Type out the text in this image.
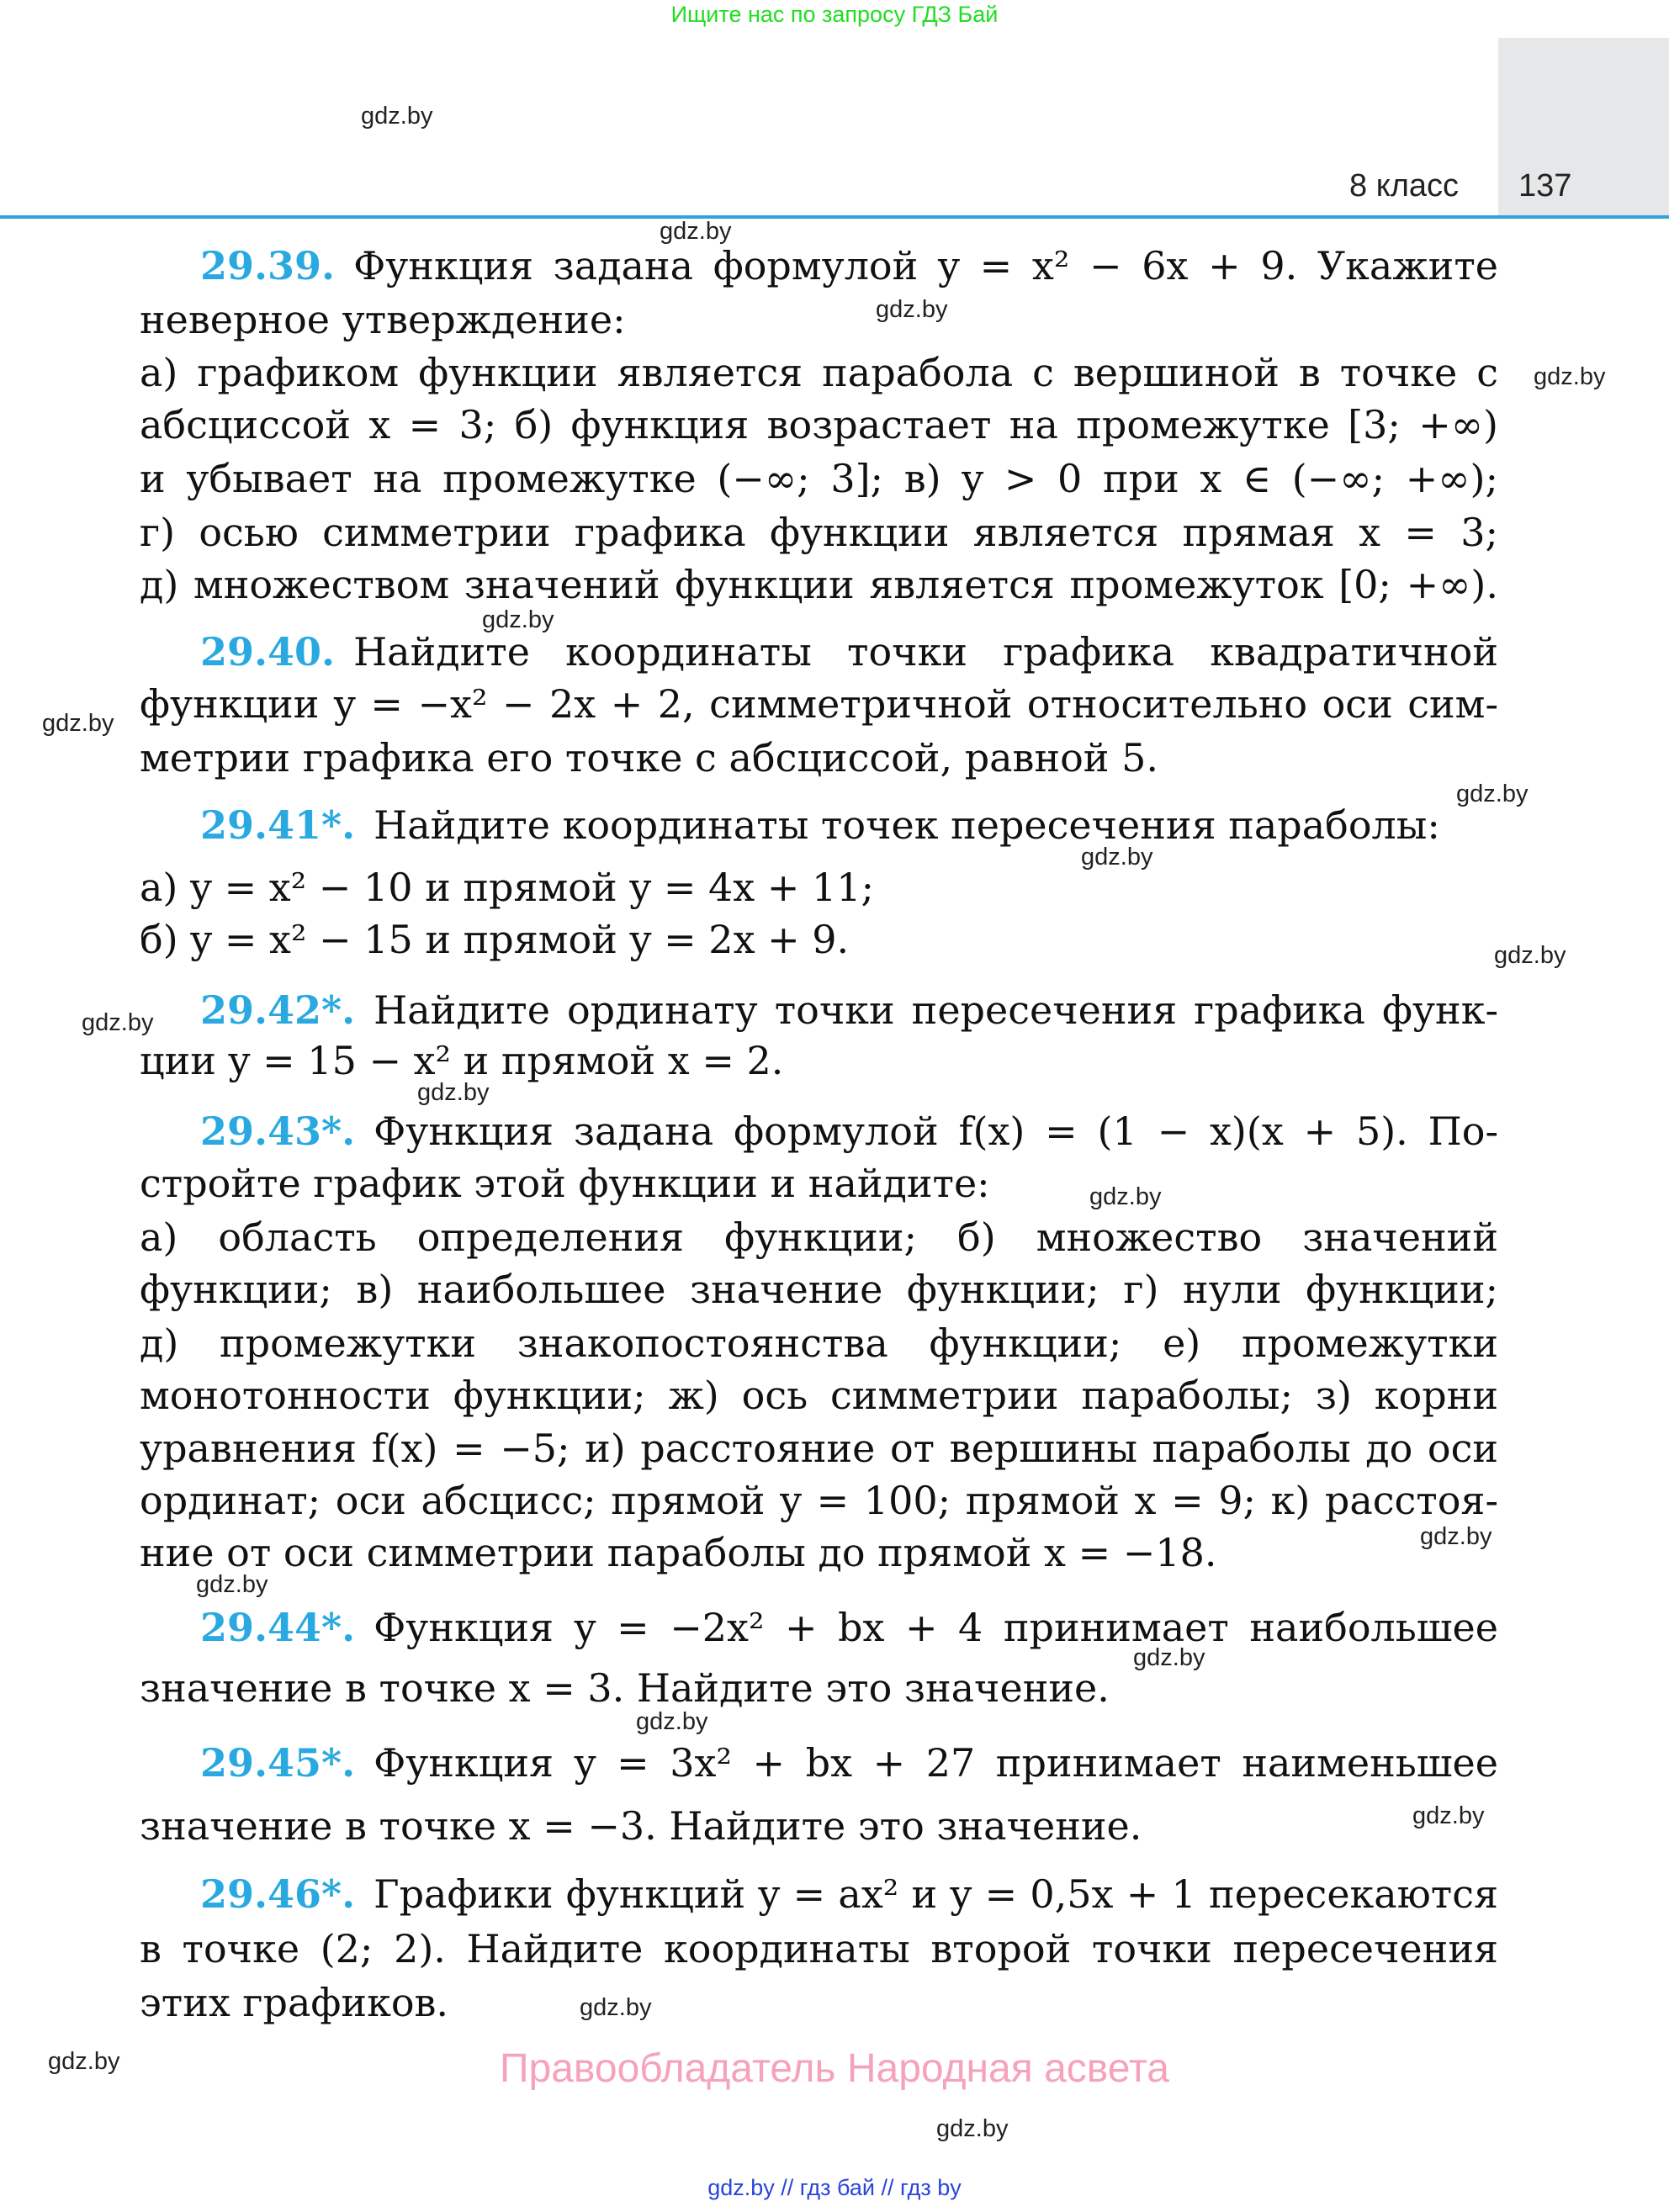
Ищите нас по запросу ГДЗ Бай
8 класс 137
29.39. Функция задана формулой y = x² − 6x + 9. Укажите
неверное утверждение:
а) графиком функции является парабола с вершиной в точке с
абсциссой x = 3; б) функция возрастает на промежутке [3; +∞)
и убывает на промежутке (−∞; 3]; в) y > 0 при x ∈ (−∞; +∞);
г) осью симметрии графика функции является прямая x = 3;
д) множеством значений функции является промежуток [0; +∞).
29.40. Найдите координаты точки графика квадратичной
функции y = −x² − 2x + 2, симметричной относительно оси сим-
метрии графика его точке с абсциссой, равной 5.
29.41*. Найдите координаты точек пересечения параболы:
а) y = x² − 10 и прямой y = 4x + 11;
б) y = x² − 15 и прямой y = 2x + 9.
29.42*. Найдите ординату точки пересечения графика функ-
ции y = 15 − x² и прямой x = 2.
29.43*. Функция задана формулой f(x) = (1 − x)(x + 5). По-
стройте график этой функции и найдите:
а) область определения функции; б) множество значений
функции; в) наибольшее значение функции; г) нули функции;
д) промежутки знакопостоянства функции; е) промежутки
монотонности функции; ж) ось симметрии параболы; з) корни
уравнения f(x) = −5; и) расстояние от вершины параболы до оси
ординат; оси абсцисс; прямой y = 100; прямой x = 9; к) расстоя-
ние от оси симметрии параболы до прямой x = −18.
29.44*. Функция y = −2x² + bx + 4 принимает наибольшее
значение в точке x = 3. Найдите это значение.
29.45*. Функция y = 3x² + bx + 27 принимает наименьшее
значение в точке x = −3. Найдите это значение.
29.46*. Графики функций y = ax² и y = 0,5x + 1 пересекаются
в точке (2; 2). Найдите координаты второй точки пересечения
этих графиков.
gdz.by
gdz.by
gdz.by
gdz.by
gdz.by
gdz.by
gdz.by
gdz.by
gdz.by
gdz.by
gdz.by
gdz.by
gdz.by
gdz.by
gdz.by
gdz.by
gdz.by
gdz.by
gdz.by
gdz.by
Правообладатель Народная асвета
gdz.by // гдз бай // гдз by
